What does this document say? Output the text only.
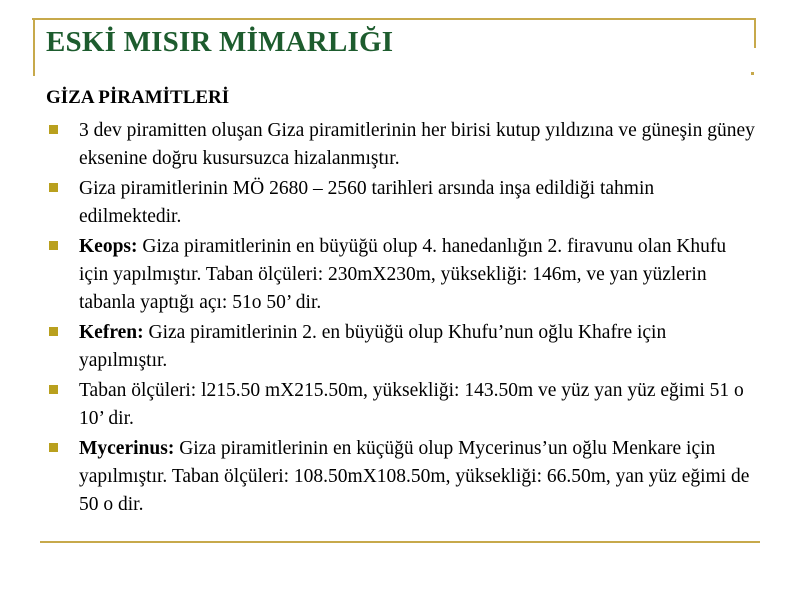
ESKİ MISIR MİMARLIĞI
GİZA PİRAMİTLERİ
3 dev piramitten oluşan Giza piramitlerinin her birisi kutup yıldızına ve güneşin güney eksenine doğru kusursuzca hizalanmıştır.
Giza piramitlerinin MÖ 2680 – 2560 tarihleri arsında inşa edildiği tahmin edilmektedir.
Keops: Giza piramitlerinin en büyüğü olup 4. hanedanlığın 2. firavunu olan Khufu için yapılmıştır. Taban ölçüleri: 230mX230m, yüksekliği: 146m, ve yan yüzlerin tabanla yaptığı açı: 51o 50’ dir.
Kefren: Giza piramitlerinin 2. en büyüğü olup Khufu’nun oğlu Khafre için yapılmıştır.
Taban ölçüleri: l215.50 mX215.50m, yüksekliği: 143.50m ve yüz yan yüz eğimi 51 o 10’ dir.
Mycerinus: Giza piramitlerinin en küçüğü olup Mycerinus’un oğlu Menkare için yapılmıştır. Taban ölçüleri: 108.50mX108.50m, yüksekliği: 66.50m, yan yüz eğimi de 50 o dir.
